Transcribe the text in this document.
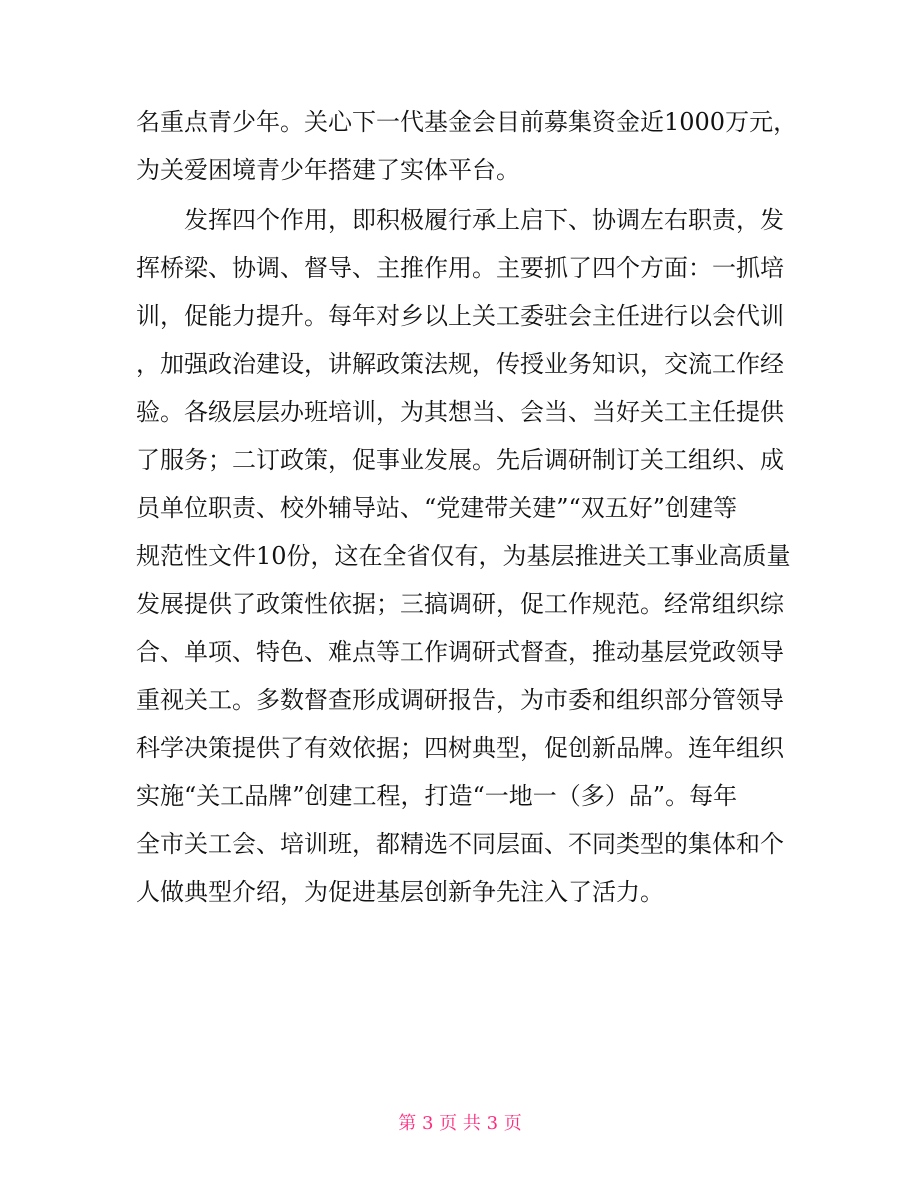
名重点青少年。关心下一代基金会目前募集资金近1000万元，
为关爱困境青少年搭建了实体平台。
发挥四个作用，即积极履行承上启下、协调左右职责，发
挥桥梁、协调、督导、主推作用。主要抓了四个方面：一抓培
训，促能力提升。每年对乡以上关工委驻会主任进行以会代训
，加强政治建设，讲解政策法规，传授业务知识，交流工作经
验。各级层层办班培训，为其想当、会当、当好关工主任提供
了服务；二订政策，促事业发展。先后调研制订关工组织、成
员单位职责、校外辅导站、“党建带关建”“双五好”创建等
规范性文件10份，这在全省仅有，为基层推进关工事业高质量
发展提供了政策性依据；三搞调研，促工作规范。经常组织综
合、单项、特色、难点等工作调研式督查，推动基层党政领导
重视关工。多数督查形成调研报告，为市委和组织部分管领导
科学决策提供了有效依据；四树典型，促创新品牌。连年组织
实施“关工品牌”创建工程，打造“一地一（多）品”。每年
全市关工会、培训班，都精选不同层面、不同类型的集体和个
人做典型介绍，为促进基层创新争先注入了活力。
第 3 页 共 3 页
